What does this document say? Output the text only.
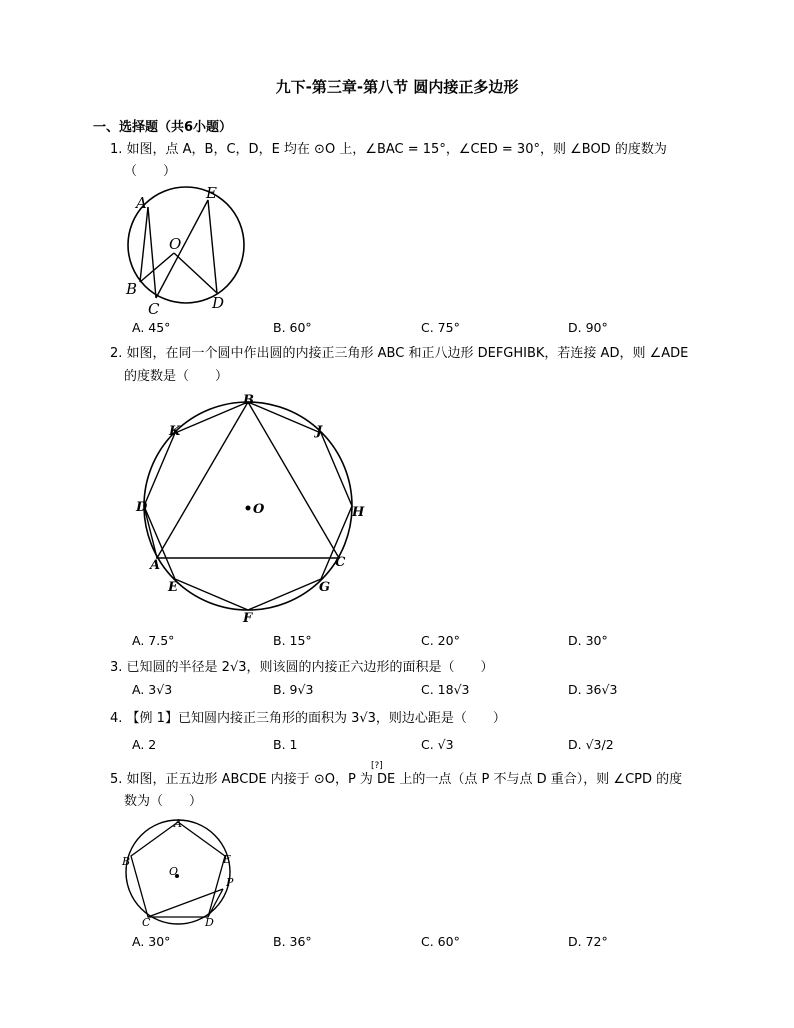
九下-第三章-第八节 圆内接正多边形
一、选择题（共6小题）
1. 如图，点 A，B，C，D，E 均在 ⊙O 上，∠BAC = 15°，∠CED = 30°，则 ∠BOD 的度数为
（　　）
A
E
O
B
C	D
A. 45°	B. 60°	C. 75°	D. 90°
2. 如图，在同一个圆中作出圆的内接正三角形 ABC 和正八边形 DEFGHIBK，若连接 AD，则 ∠ADE
的度数是（　　）
B
K	J
D	O	H
A	C
E	G
F
A. 7.5°	B. 15°	C. 20°	D. 30°
3. 已知圆的半径是 2√3，则该圆的内接正六边形的面积是（　　）
A. 3√3	B. 9√3	C. 18√3	D. 36√3
4. 【例 1】已知圆内接正三角形的面积为 3√3，则边心距是（　　）
A. 2	B. 1	C. √3	D. √3/2
[?]
5. 如图，正五边形 ABCDE 内接于 ⊙O，P 为 DE 上的一点（点 P 不与点 D 重合），则 ∠CPD 的度
数为（　　）
A
B	E
O
P
C	D
A. 30°	B. 36°	C. 60°	D. 72°
